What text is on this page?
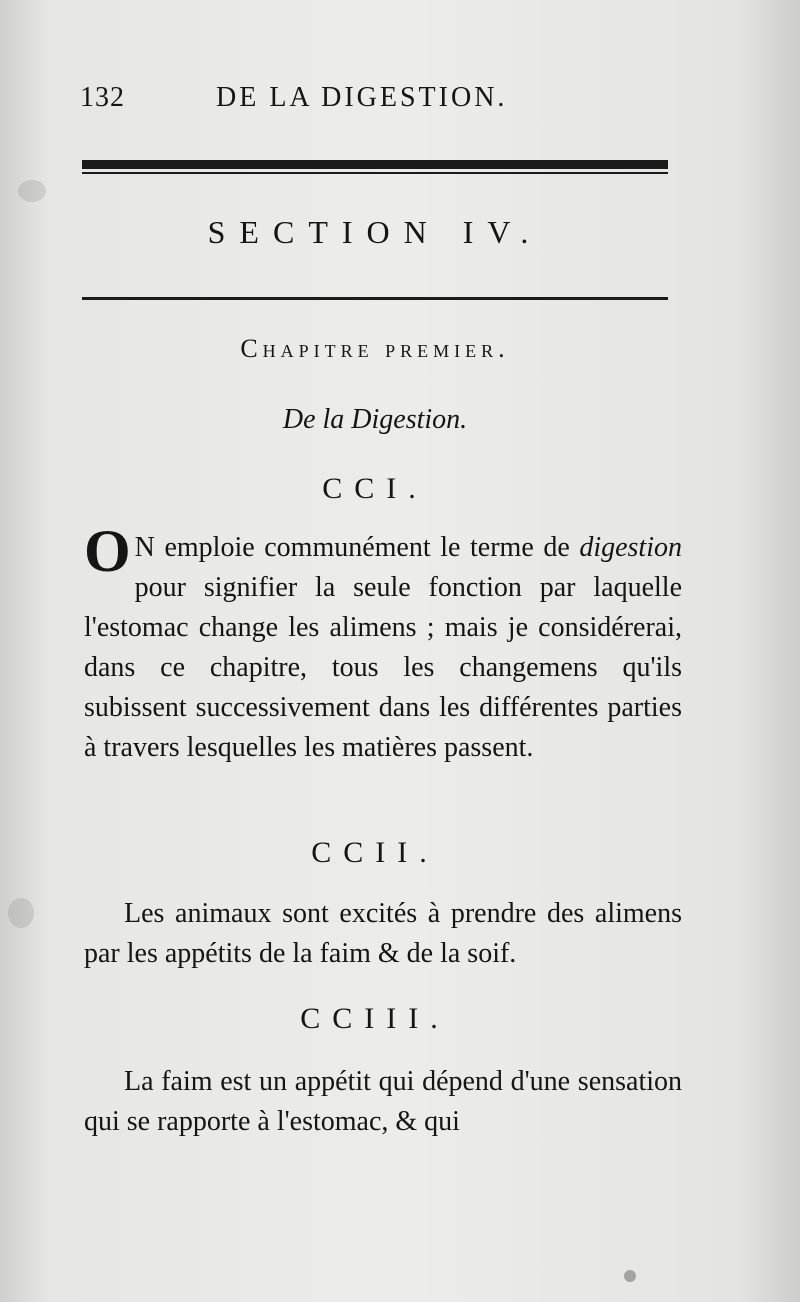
132	DE LA DIGESTION.
SECTION IV.
Chapitre premier.
De la Digestion.
CCI.
O N emploie communément le terme de digestion pour signifier la seule fonction par laquelle l'estomac change les alimens ; mais je considérerai, dans ce chapitre, tous les changemens qu'ils subissent successivement dans les différentes parties à travers lesquelles les matières passent.
CCII.
Les animaux sont excités à prendre des alimens par les appétits de la faim & de la soif.
CCIII.
La faim est un appétit qui dépend d'une sensation qui se rapporte à l'estomac, & qui
